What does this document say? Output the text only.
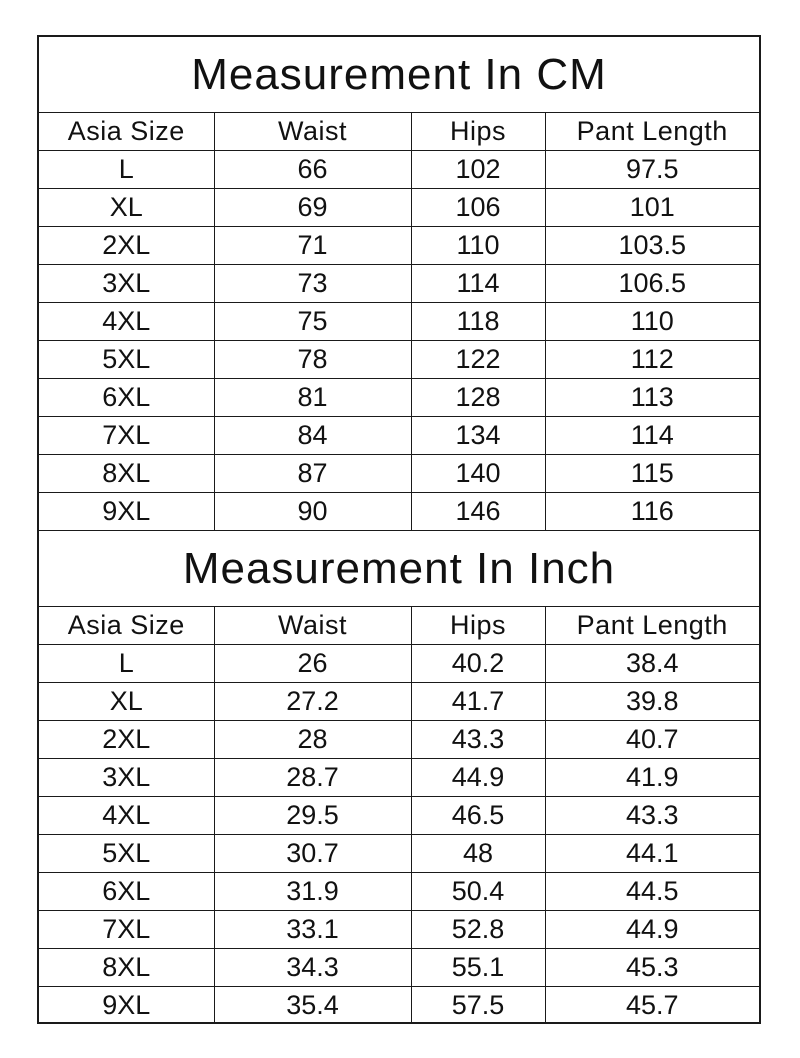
Measurement In CM
Asia Size	Waist	Hips	Pant Length
L	66	102	97.5
XL	69	106	101
2XL	71	110	103.5
3XL	73	114	106.5
4XL	75	118	110
5XL	78	122	112
6XL	81	128	113
7XL	84	134	114
8XL	87	140	115
9XL	90	146	116
Measurement In Inch
Asia Size	Waist	Hips	Pant Length
L	26	40.2	38.4
XL	27.2	41.7	39.8
2XL	28	43.3	40.7
3XL	28.7	44.9	41.9
4XL	29.5	46.5	43.3
5XL	30.7	48	44.1
6XL	31.9	50.4	44.5
7XL	33.1	52.8	44.9
8XL	34.3	55.1	45.3
9XL	35.4	57.5	45.7
